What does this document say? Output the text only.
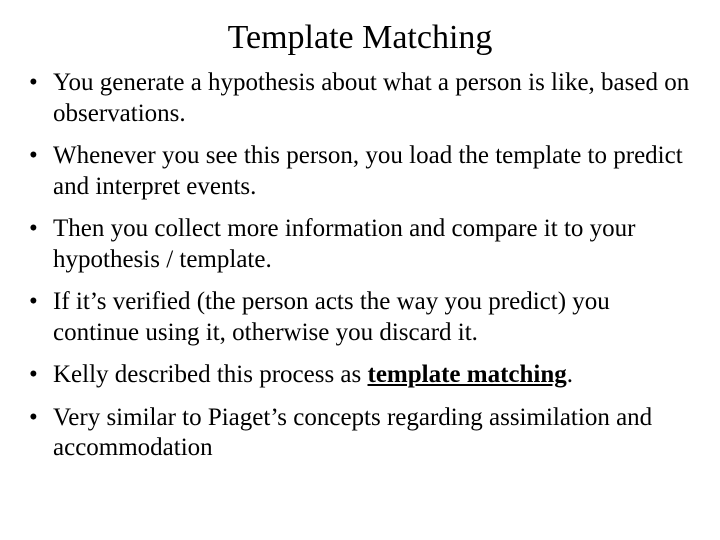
Template Matching
• You generate a hypothesis about what a person is like, based on observations.
• Whenever you see this person, you load the template to predict and interpret events.
• Then you collect more information and compare it to your hypothesis / template.
• If it’s verified (the person acts the way you predict) you continue using it, otherwise you discard it.
• Kelly described this process as template matching.
• Very similar to Piaget’s concepts regarding assimilation and accommodation
